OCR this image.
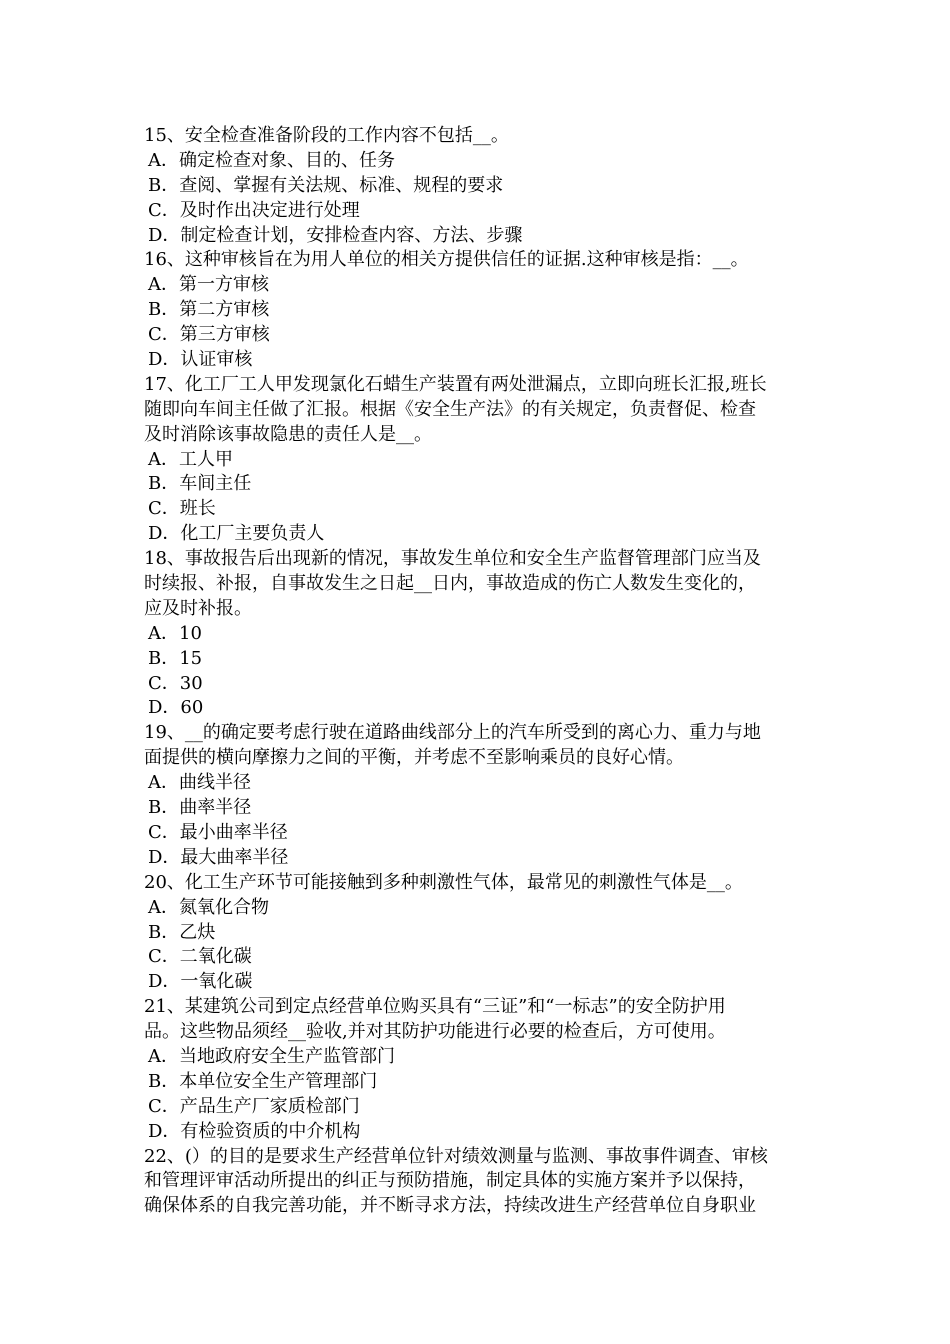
15、安全检查准备阶段的工作内容不包括__。
A．确定检查对象、目的、任务
B．查阅、掌握有关法规、标准、规程的要求
C．及时作出决定进行处理
D．制定检查计划，安排检查内容、方法、步骤
16、这种审核旨在为用人单位的相关方提供信任的证据.这种审核是指：__。
A．第一方审核
B．第二方审核
C．第三方审核
D．认证审核
17、化工厂工人甲发现氯化石蜡生产装置有两处泄漏点，立即向班长汇报,班长
随即向车间主任做了汇报。根据《安全生产法》的有关规定，负责督促、检查
及时消除该事故隐患的责任人是__。
A．工人甲
B．车间主任
C．班长
D．化工厂主要负责人
18、事故报告后出现新的情况，事故发生单位和安全生产监督管理部门应当及
时续报、补报，自事故发生之日起__日内，事故造成的伤亡人数发生变化的，
应及时补报。
A．10
B．15
C．30
D．60
19、__的确定要考虑行驶在道路曲线部分上的汽车所受到的离心力、重力与地
面提供的横向摩擦力之间的平衡，并考虑不至影响乘员的良好心情。
A．曲线半径
B．曲率半径
C．最小曲率半径
D．最大曲率半径
20、化工生产环节可能接触到多种刺激性气体，最常见的刺激性气体是__。
A．氮氧化合物
B．乙炔
C．二氧化碳
D．一氧化碳
21、某建筑公司到定点经营单位购买具有“三证”和“一标志”的安全防护用
品。这些物品须经__验收,并对其防护功能进行必要的检查后，方可使用。
A．当地政府安全生产监管部门
B．本单位安全生产管理部门
C．产品生产厂家质检部门
D．有检验资质的中介机构
22、(）的目的是要求生产经营单位针对绩效测量与监测、事故事件调查、审核
和管理评审活动所提出的纠正与预防措施，制定具体的实施方案并予以保持，
确保体系的自我完善功能，并不断寻求方法，持续改进生产经营单位自身职业
